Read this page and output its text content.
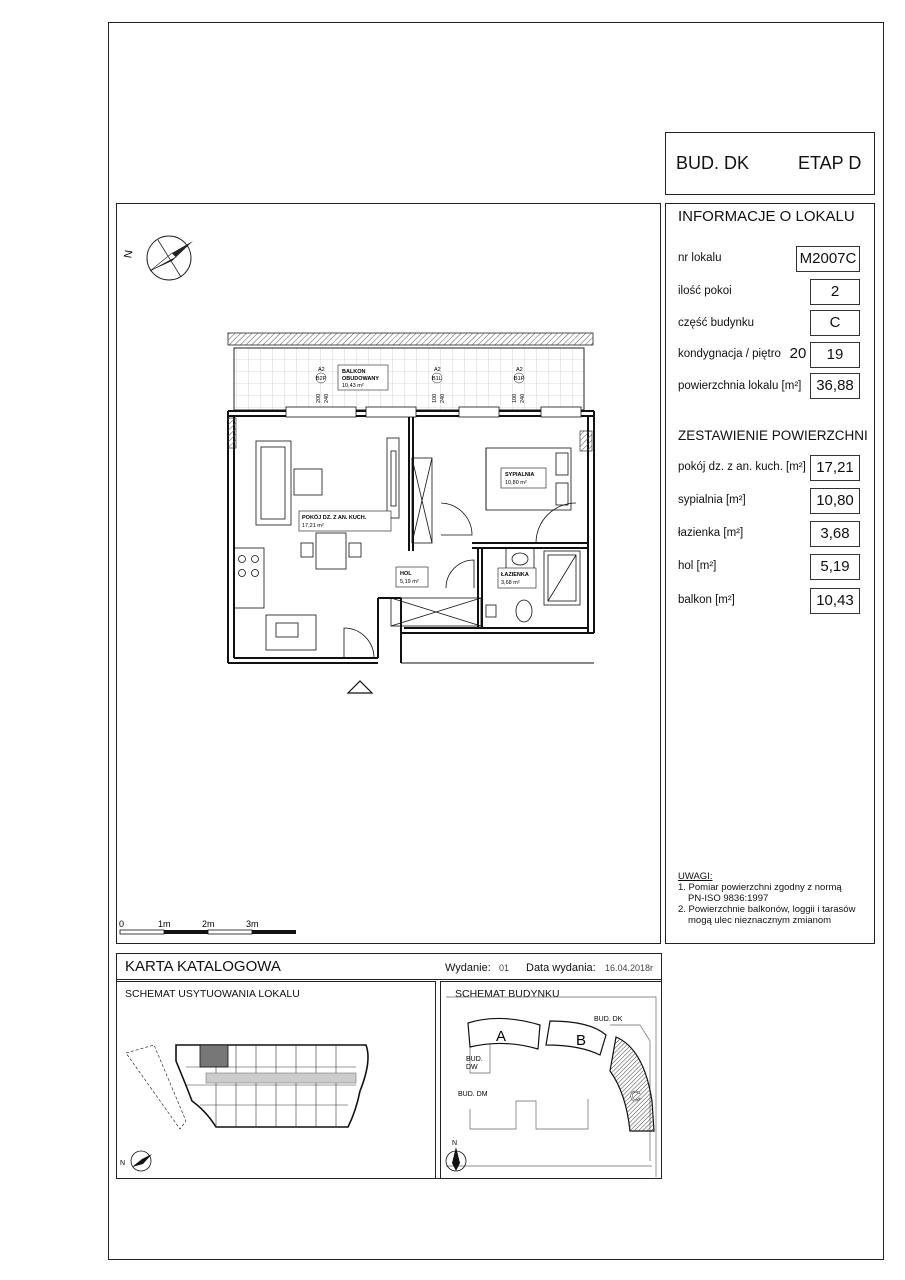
BUD. DK	ETAP D
INFORMACJE O LOKALU
nr lokalu	M2007C
ilość pokoi	2
część budynku	C
kondygnacja / piętro 20	19
powierzchnia lokalu [m²] 36,88
ZESTAWIENIE POWIERZCHNI
pokój dz. z an. kuch. [m²] 17,21
sypialnia [m²]	10,80
łazienka [m²]	3,68
hol [m²]	5,19
balkon [m²]	10,43
UWAGI:
1. Pomiar powierzchni zgodny z normą
PN-ISO 9836:1997
2. Powierzchnie balkonów, loggii i tarasów
mogą ulec nieznacznym zmianom
N
BALKON
OBUDOWANY
10,43 m²
A2
B2P
A2
B1L
A2
B1P
200 240	100 240	100 240
POKÓJ DZ. Z AN. KUCH.
17,21 m²
HOL
5,19 m²
SYPIALNIA
10,80 m²
ŁAZIENKA
3,68 m²
0	1m	2m	3m
KARTA KATALOGOWA	Wydanie: 01 Data wydania: 16.04.2018r
SCHEMAT USYTUOWANIA LOKALU
N
SCHEMAT BUDYNKU
A	B
C
BUD. DK
BUD.
DW
BUD. DM
N
